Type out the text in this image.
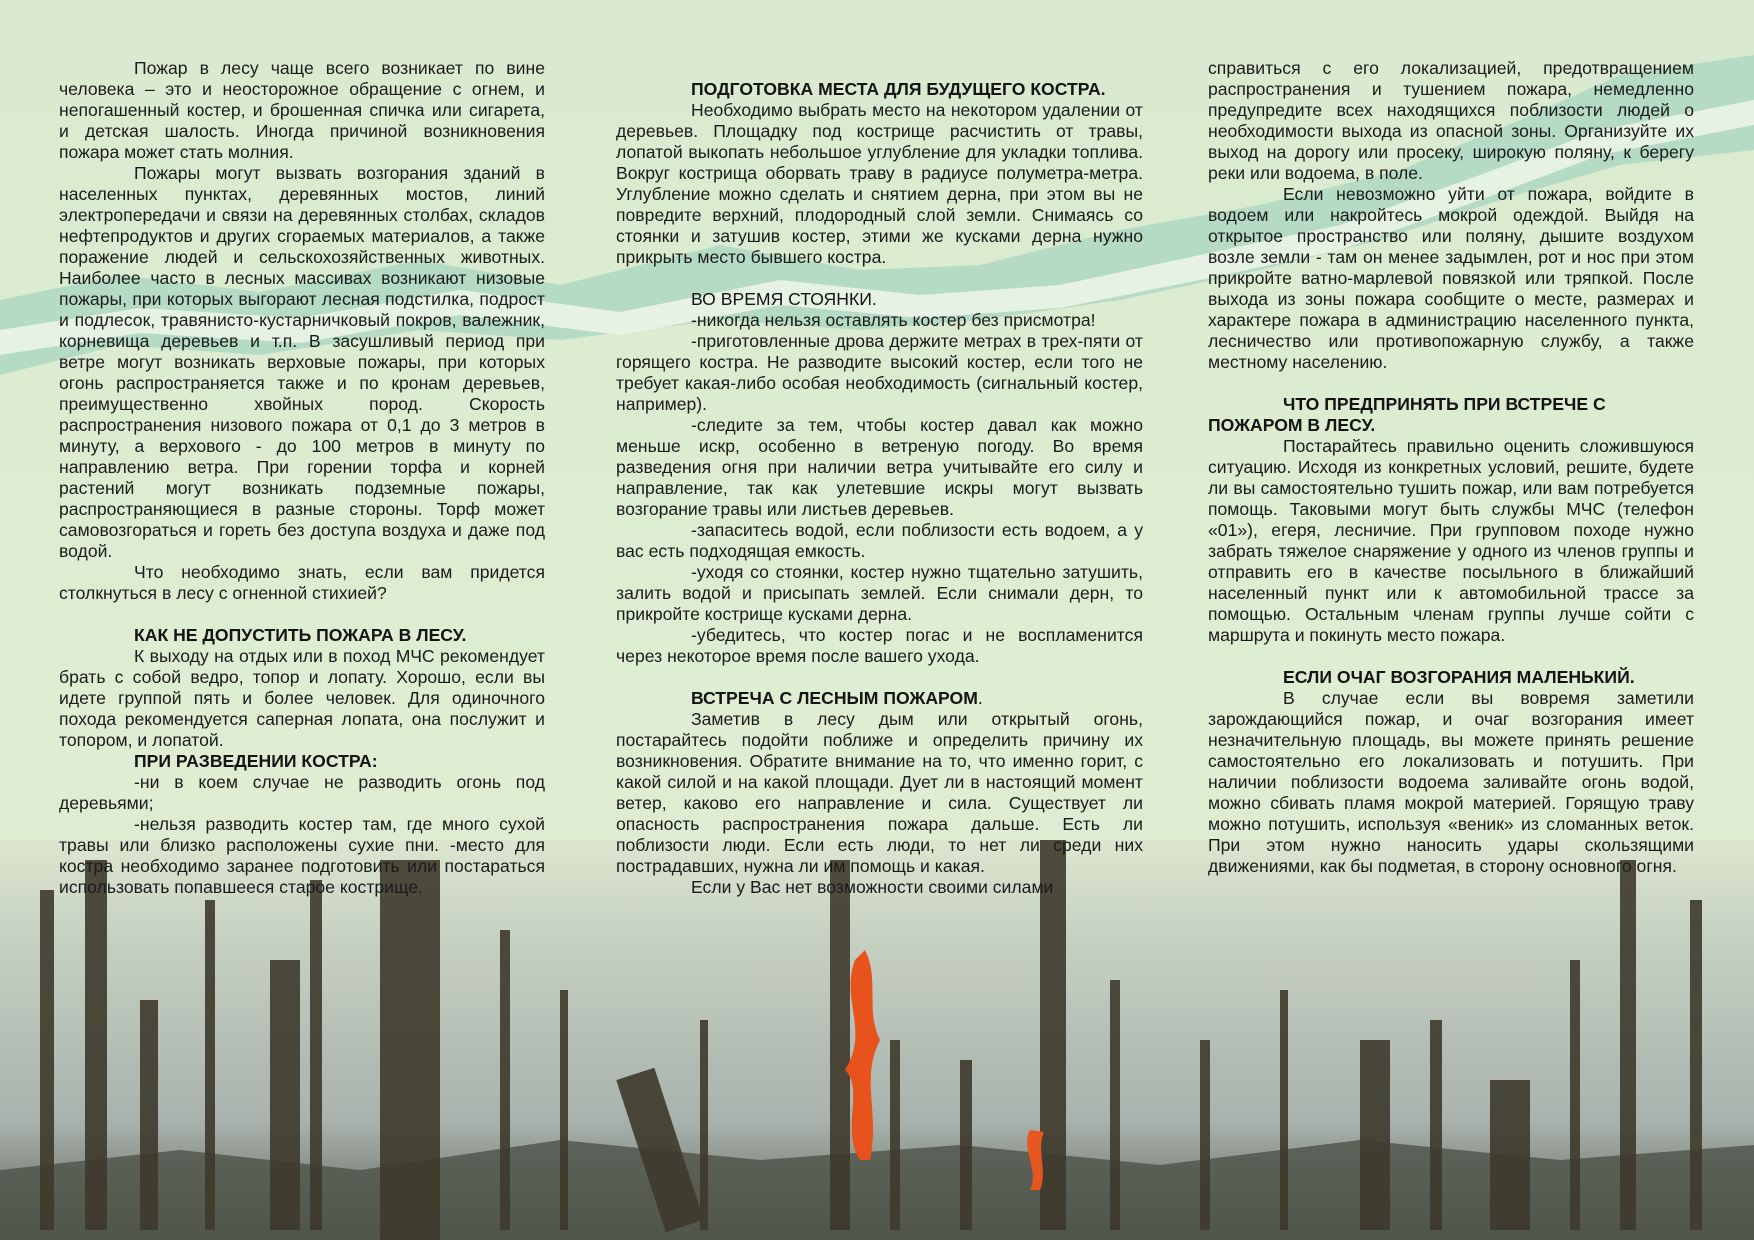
Пожар в лесу чаще всего возникает по вине человека – это и неосторожное обращение с огнем, и непогашенный костер, и брошенная спичка или сигарета, и детская шалость. Иногда причиной возникновения пожара может стать молния.

Пожары могут вызвать возгорания зданий в населенных пунктах, деревянных мостов, линий электропередачи и связи на деревянных столбах, складов нефтепродуктов и других сгораемых материалов, а также поражение людей и сельскохозяйственных животных. Наиболее часто в лесных массивах возникают низовые пожары, при которых выгорают лесная подстилка, подрост и подлесок, травянисто-кустарничковый покров, валежник, корневища деревьев и т.п. В засушливый период при ветре могут возникать верховые пожары, при которых огонь распространяется также и по кронам деревьев, преимущественно хвойных пород. Скорость распространения низового пожара от 0,1 до 3 метров в минуту, а верхового - до 100 метров в минуту по направлению ветра. При горении торфа и корней растений могут возникать подземные пожары, распространяющиеся в разные стороны. Торф может самовозгораться и гореть без доступа воздуха и даже под водой.

Что необходимо знать, если вам придется столкнуться в лесу с огненной стихией?

КАК НЕ ДОПУСТИТЬ ПОЖАРА В ЛЕСУ.

К выходу на отдых или в поход МЧС рекомендует брать с собой ведро, топор и лопату. Хорошо, если вы идете группой пять и более человек. Для одиночного похода рекомендуется саперная лопата, она послужит и топором, и лопатой.

ПРИ РАЗВЕДЕНИИ КОСТРА:

-ни в коем случае не разводить огонь под деревьями;

-нельзя разводить костер там, где много сухой травы или близко расположены сухие пни. -место для костра необходимо заранее подготовить или постараться использовать попавшееся старое кострище.

ПОДГОТОВКА МЕСТА ДЛЯ БУДУЩЕГО КОСТРА.

Необходимо выбрать место на некотором удалении от деревьев. Площадку под кострище расчистить от травы, лопатой выкопать небольшое углубление для укладки топлива. Вокруг кострища оборвать траву в радиусе полуметра-метра. Углубление можно сделать и снятием дерна, при этом вы не повредите верхний, плодородный слой земли. Снимаясь со стоянки и затушив костер, этими же кусками дерна нужно прикрыть место бывшего костра.

ВО ВРЕМЯ СТОЯНКИ.

-никогда нельзя оставлять костер без присмотра!

-приготовленные дрова держите метрах в трех-пяти от горящего костра. Не разводите высокий костер, если того не требует какая-либо особая необходимость (сигнальный костер, например).

-следите за тем, чтобы костер давал как можно меньше искр, особенно в ветреную погоду. Во время разведения огня при наличии ветра учитывайте его силу и направление, так как улетевшие искры могут вызвать возгорание травы или листьев деревьев.

-запаситесь водой, если поблизости есть водоем, а у вас есть подходящая емкость.

-уходя со стоянки, костер нужно тщательно затушить, залить водой и присыпать землей. Если снимали дерн, то прикройте кострище кусками дерна.

-убедитесь, что костер погас и не воспламенится через некоторое время после вашего ухода.

ВСТРЕЧА С ЛЕСНЫМ ПОЖАРОМ.

Заметив в лесу дым или открытый огонь, постарайтесь подойти поближе и определить причину их возникновения. Обратите внимание на то, что именно горит, с какой силой и на какой площади. Дует ли в настоящий момент ветер, каково его направление и сила. Существует ли опасность распространения пожара дальше. Есть ли поблизости люди. Если есть люди, то нет ли среди них пострадавших, нужна ли им помощь и какая.

Если у Вас нет возможности своими силами

справиться с его локализацией, предотвращением распространения и тушением пожара, немедленно предупредите всех находящихся поблизости людей о необходимости выхода из опасной зоны. Организуйте их выход на дорогу или просеку, широкую поляну, к берегу реки или водоема, в поле.

Если невозможно уйти от пожара, войдите в водоем или накройтесь мокрой одеждой. Выйдя на открытое пространство или поляну, дышите воздухом возле земли - там он менее задымлен, рот и нос при этом прикройте ватно-марлевой повязкой или тряпкой. После выхода из зоны пожара сообщите о месте, размерах и характере пожара в администрацию населенного пункта, лесничество или противопожарную службу, а также местному населению.

ЧТО ПРЕДПРИНЯТЬ ПРИ ВСТРЕЧЕ С ПОЖАРОМ В ЛЕСУ.

Постарайтесь правильно оценить сложившуюся ситуацию. Исходя из конкретных условий, решите, будете ли вы самостоятельно тушить пожар, или вам потребуется помощь. Таковыми могут быть службы МЧС (телефон «01»), егеря, лесничие. При групповом походе нужно забрать тяжелое снаряжение у одного из членов группы и отправить его в качестве посыльного в ближайший населенный пункт или к автомобильной трассе за помощью. Остальным членам группы лучше сойти с маршрута и покинуть место пожара.

ЕСЛИ ОЧАГ ВОЗГОРАНИЯ МАЛЕНЬКИЙ.

В случае если вы вовремя заметили зарождающийся пожар, и очаг возгорания имеет незначительную площадь, вы можете принять решение самостоятельно его локализовать и потушить. При наличии поблизости водоема заливайте огонь водой, можно сбивать пламя мокрой материей. Горящую траву можно потушить, используя «веник» из сломанных веток. При этом нужно наносить удары скользящими движениями, как бы подметая, в сторону основного огня.
